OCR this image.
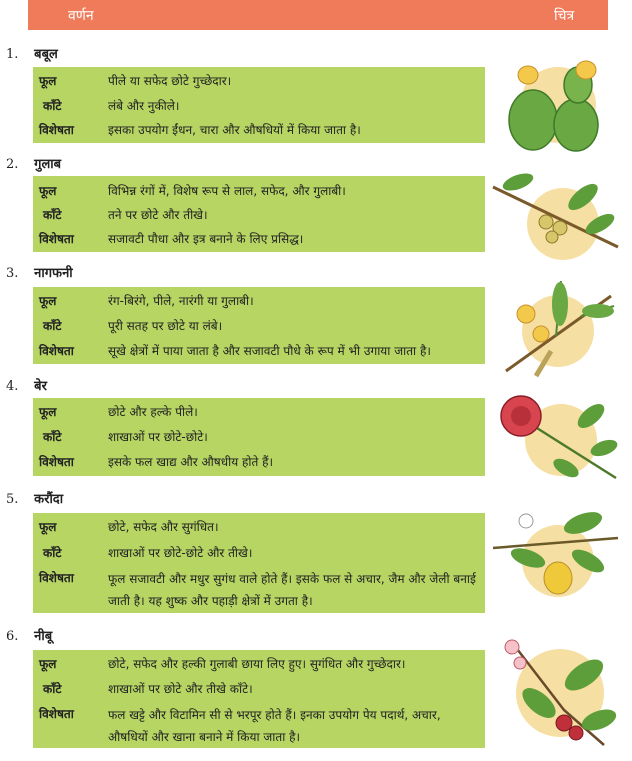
वर्णन	चित्र
1. बबूल
फूल	पीले या सफेद छोटे गुच्छेदार।
काँटे	लंबे और नुकीले।
विशेषता	इसका उपयोग ईंधन, चारा और औषधियों में किया जाता है।
2. गुलाब
फूल	विभिन्न रंगों में, विशेष रूप से लाल, सफेद, और गुलाबी।
काँटे	तने पर छोटे और तीखे।
विशेषता	सजावटी पौधा और इत्र बनाने के लिए प्रसिद्ध।
3. नागफनी
फूल	रंग-बिरंगे, पीले, नारंगी या गुलाबी।
काँटे	पूरी सतह पर छोटे या लंबे।
विशेषता	सूखे क्षेत्रों में पाया जाता है और सजावटी पौधे के रूप में भी उगाया जाता है।
4. बेर
फूल	छोटे और हल्के पीले।
काँटे	शाखाओं पर छोटे-छोटे।
विशेषता	इसके फल खाद्य और औषधीय होते हैं।
5. करौंदा
फूल	छोटे, सफेद और सुगंधित।
काँटे	शाखाओं पर छोटे-छोटे और तीखे।
विशेषता	फूल सजावटी और मधुर सुगंध वाले होते हैं। इसके फल से अचार, जैम और जेली बनाई जाती है। यह शुष्क और पहाड़ी क्षेत्रों में उगता है।
6. नीबू
फूल	छोटे, सफेद और हल्की गुलाबी छाया लिए हुए। सुगंधित और गुच्छेदार।
काँटे	शाखाओं पर छोटे और तीखे काँटे।
विशेषता	फल खट्टे और विटामिन सी से भरपूर होते हैं। इनका उपयोग पेय पदार्थ, अचार, औषधियों और खाना बनाने में किया जाता है।
